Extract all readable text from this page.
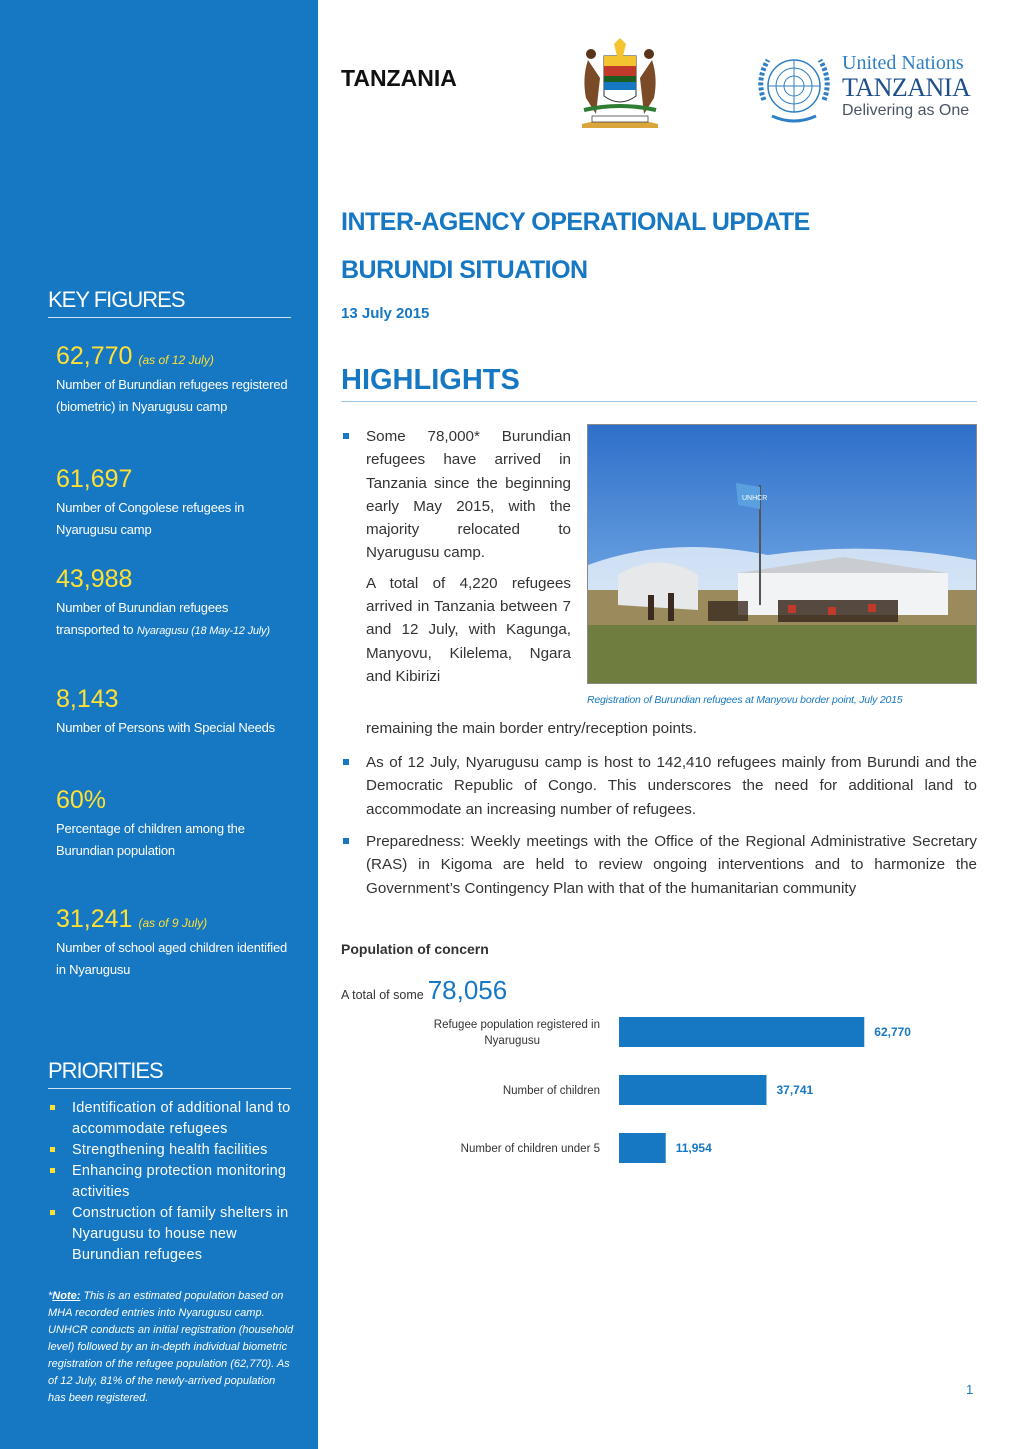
KEY FIGURES
62,770 (as of 12 July)
Number of Burundian refugees registered (biometric) in Nyarugusu camp
61,697
Number of Congolese refugees in Nyarugusu camp
43,988
Number of Burundian refugees transported to Nyaragusu (18 May-12 July)
8,143
Number of Persons with Special Needs
60%
Percentage of children among the Burundian population
31,241 (as of 9 July)
Number of school aged children identified in Nyarugusu
PRIORITIES
Identification of additional land to accommodate refugees
Strengthening health facilities
Enhancing protection monitoring activities
Construction of family shelters in Nyarugusu to house new Burundian refugees
*Note: This is an estimated population based on MHA recorded entries into Nyarugusu camp. UNHCR conducts an initial registration (household level) followed by an in-depth individual biometric registration of the refugee population (62,770). As of 12 July, 81% of the newly-arrived population has been registered.
TANZANIA
United Nations
TANZANIA
Delivering as One
INTER-AGENCY OPERATIONAL UPDATE
BURUNDI SITUATION
13 July 2015
HIGHLIGHTS

Some 78,000* Burundian refugees have arrived in Tanzania since the beginning early May 2015, with the majority relocated to Nyarugusu camp.

A total of 4,220 refugees arrived in Tanzania between 7 and 12 July, with Kagunga, Manyovu, Kilelema, Ngara and Kibirizi

UNHCR
Registration of Burundian refugees at Manyovu border point, July 2015
remaining the main border entry/reception points.

As of 12 July, Nyarugusu camp is host to 142,410 refugees mainly from Burundi and the Democratic Republic of Congo. This underscores the need for additional land to accommodate an increasing number of refugees.

Preparedness: Weekly meetings with the Office of the Regional Administrative Secretary (RAS) in Kigoma are held to review ongoing interventions and to harmonize the Government’s Contingency Plan with that of the humanitarian community

Population of concern
A total of some 78,056
62,770
Refugee population registered in Nyarugusu
37,741
Number of children
11,954
Number of children under 5
1
